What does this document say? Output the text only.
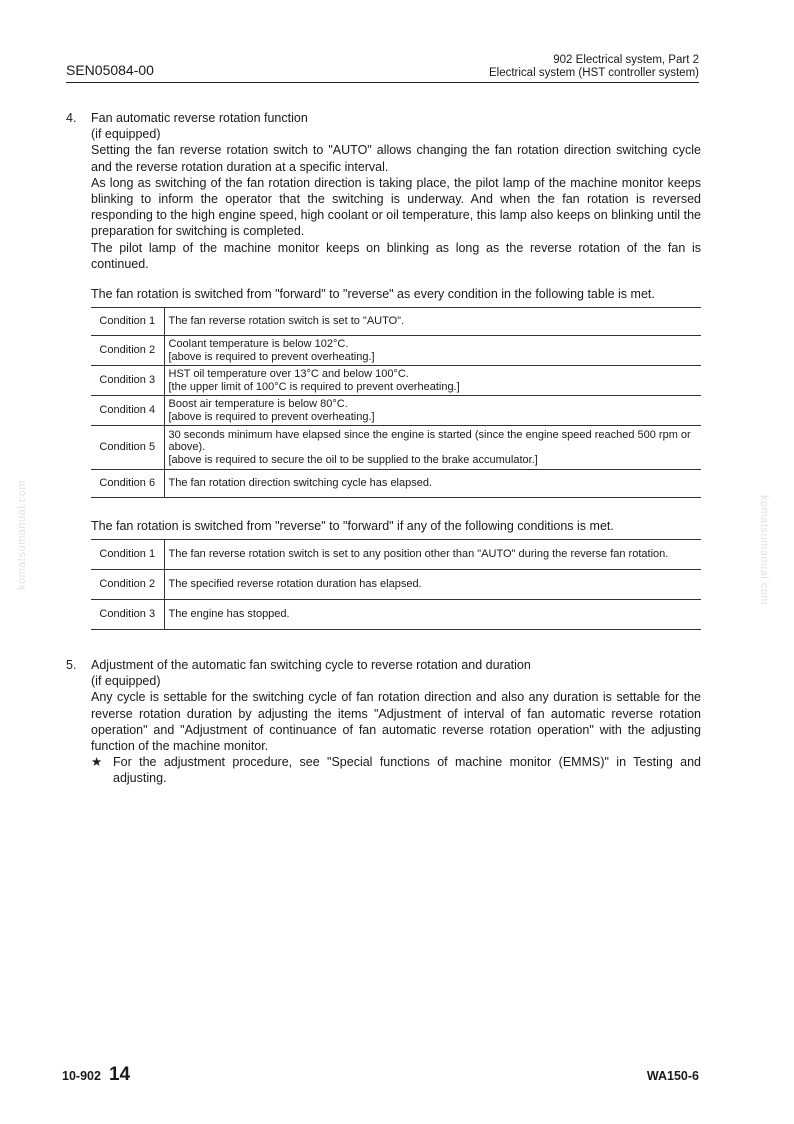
SEN05084-00
902 Electrical system, Part 2
Electrical system (HST controller system)
4. Fan automatic reverse rotation function

(if equipped)

Setting the fan reverse rotation switch to "AUTO" allows changing the fan rotation direction switching cycle and the reverse rotation duration at a specific interval.

As long as switching of the fan rotation direction is taking place, the pilot lamp of the machine monitor keeps blinking to inform the operator that the switching is underway. And when the fan rotation is reversed responding to the high engine speed, high coolant or oil temperature, this lamp also keeps on blinking until the preparation for switching is completed.

The pilot lamp of the machine monitor keeps on blinking as long as the reverse rotation of the fan is continued.

The fan rotation is switched from "forward" to "reverse" as every condition in the following table is met.
Condition 1	The fan reverse rotation switch is set to "AUTO".

Condition 2	Coolant temperature is below 102°C.
[above is required to prevent overheating.]

Condition 3	HST oil temperature over 13°C and below 100°C.
[the upper limit of 100°C is required to prevent overheating.]

Condition 4	Boost air temperature is below 80°C.
[above is required to prevent overheating.]

Condition 5	30 seconds minimum have elapsed since the engine is started (since the engine speed reached 500 rpm or above).
[above is required to secure the oil to be supplied to the brake accumulator.]

Condition 6	The fan rotation direction switching cycle has elapsed.
The fan rotation is switched from "reverse" to "forward" if any of the following conditions is met.
Condition 1	The fan reverse rotation switch is set to any position other than "AUTO" during the reverse fan rotation.

Condition 2	The specified reverse rotation duration has elapsed.

Condition 3	The engine has stopped.
5. Adjustment of the automatic fan switching cycle to reverse rotation and duration

(if equipped)

Any cycle is settable for the switching cycle of fan rotation direction and also any duration is settable for the reverse rotation duration by adjusting the items "Adjustment of interval of fan automatic reverse rotation operation" and "Adjustment of continuance of fan automatic reverse rotation operation" with the adjusting function of the machine monitor.

★ For the adjustment procedure, see "Special functions of machine monitor (EMMS)" in Testing and adjusting.

komatsumanual.com	komatsumanual.com
10-902 14	WA150-6
